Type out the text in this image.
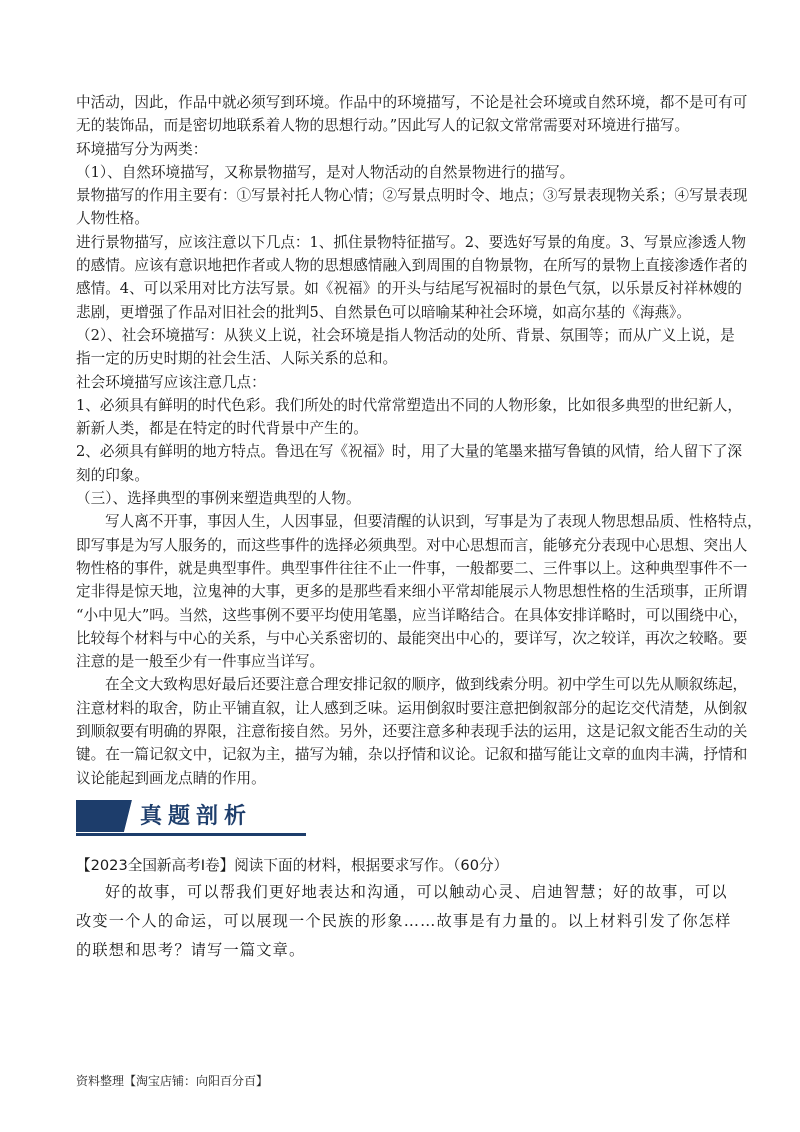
中活动，因此，作品中就必须写到环境。作品中的环境描写，不论是社会环境或自然环境，都不是可有可

无的装饰品，而是密切地联系着人物的思想行动。”因此写人的记叙文常常需要对环境进行描写。

环境描写分为两类：

（1）、自然环境描写，又称景物描写，是对人物活动的自然景物进行的描写。

景物描写的作用主要有：①写景衬托人物心情；②写景点明时令、地点；③写景表现物关系；④写景表现

人物性格。

进行景物描写，应该注意以下几点：1、抓住景物特征描写。2、要选好写景的角度。3、写景应渗透人物

的感情。应该有意识地把作者或人物的思想感情融入到周围的自物景物，在所写的景物上直接渗透作者的

感情。4、可以采用对比方法写景。如《祝福》的开头与结尾写祝福时的景色气氛，以乐景反衬祥林嫂的

悲剧，更增强了作品对旧社会的批判5、自然景色可以暗喻某种社会环境，如高尔基的《海燕》。

（2）、社会环境描写：从狭义上说，社会环境是指人物活动的处所、背景、氛围等；而从广义上说，是

指一定的历史时期的社会生活、人际关系的总和。

社会环境描写应该注意几点：

1、必须具有鲜明的时代色彩。我们所处的时代常常塑造出不同的人物形象，比如很多典型的世纪新人，

新新人类，都是在特定的时代背景中产生的。

2、必须具有鲜明的地方特点。鲁迅在写《祝福》时，用了大量的笔墨来描写鲁镇的风情，给人留下了深

刻的印象。

（三）、选择典型的事例来塑造典型的人物。

写人离不开事，事因人生，人因事显，但要清醒的认识到，写事是为了表现人物思想品质、性格特点，

即写事是为写人服务的，而这些事件的选择必须典型。对中心思想而言，能够充分表现中心思想、突出人

物性格的事件，就是典型事件。典型事件往往不止一件事，一般都要二、三件事以上。这种典型事件不一

定非得是惊天地，泣鬼神的大事，更多的是那些看来细小平常却能展示人物思想性格的生活琐事，正所谓

“小中见大”吗。当然，这些事例不要平均使用笔墨，应当详略结合。在具体安排详略时，可以围绕中心，

比较每个材料与中心的关系，与中心关系密切的、最能突出中心的，要详写，次之较详，再次之较略。要

注意的是一般至少有一件事应当详写。

在全文大致构思好最后还要注意合理安排记叙的顺序，做到线索分明。初中学生可以先从顺叙练起，

注意材料的取舍，防止平铺直叙，让人感到乏味。运用倒叙时要注意把倒叙部分的起讫交代清楚，从倒叙

到顺叙要有明确的界限，注意衔接自然。另外，还要注意多种表现手法的运用，这是记叙文能否生动的关

键。在一篇记叙文中，记叙为主，描写为辅，杂以抒情和议论。记叙和描写能让文章的血肉丰满，抒情和

议论能起到画龙点睛的作用。

真题剖析
【2023全国新高考Ⅰ卷】阅读下面的材料，根据要求写作。（60分）

好的故事，可以帮我们更好地表达和沟通，可以触动心灵、启迪智慧；好的故事，可以

改变一个人的命运，可以展现一个民族的形象……故事是有力量的。以上材料引发了你怎样

的联想和思考？请写一篇文章。

资料整理【淘宝店铺：向阳百分百】
